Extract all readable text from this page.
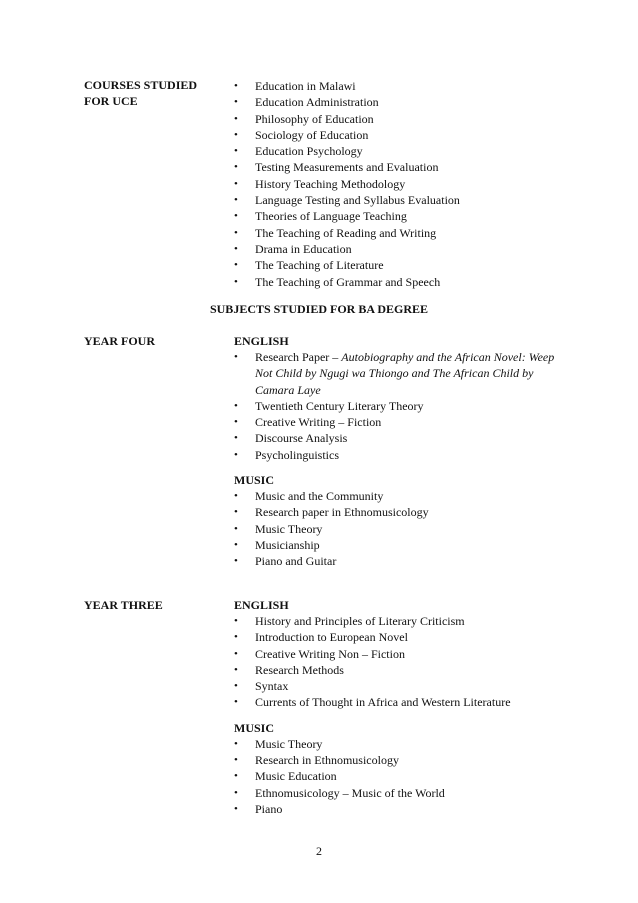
COURSES STUDIED
FOR UCE
• Education in Malawi
• Education Administration
• Philosophy of Education
• Sociology of Education
• Education Psychology
• Testing Measurements and Evaluation
• History Teaching Methodology
• Language Testing and Syllabus Evaluation
• Theories of Language Teaching
• The Teaching of Reading and Writing
• Drama in Education
• The Teaching of Literature
• The Teaching of Grammar and Speech
SUBJECTS STUDIED FOR BA DEGREE
YEAR FOUR	ENGLISH
• Research Paper – Autobiography and the African Novel: Weep Not Child by Ngugi wa Thiongo and The African Child by Camara Laye
• Twentieth Century Literary Theory
• Creative Writing – Fiction
• Discourse Analysis
• Psycholinguistics
MUSIC
• Music and the Community
• Research paper in Ethnomusicology
• Music Theory
• Musicianship
• Piano and Guitar
YEAR THREE	ENGLISH
• History and Principles of Literary Criticism
• Introduction to European Novel
• Creative Writing Non – Fiction
• Research Methods
• Syntax
• Currents of Thought in Africa and Western Literature
MUSIC
• Music Theory
• Research in Ethnomusicology
• Music Education
• Ethnomusicology – Music of the World
• Piano
2
